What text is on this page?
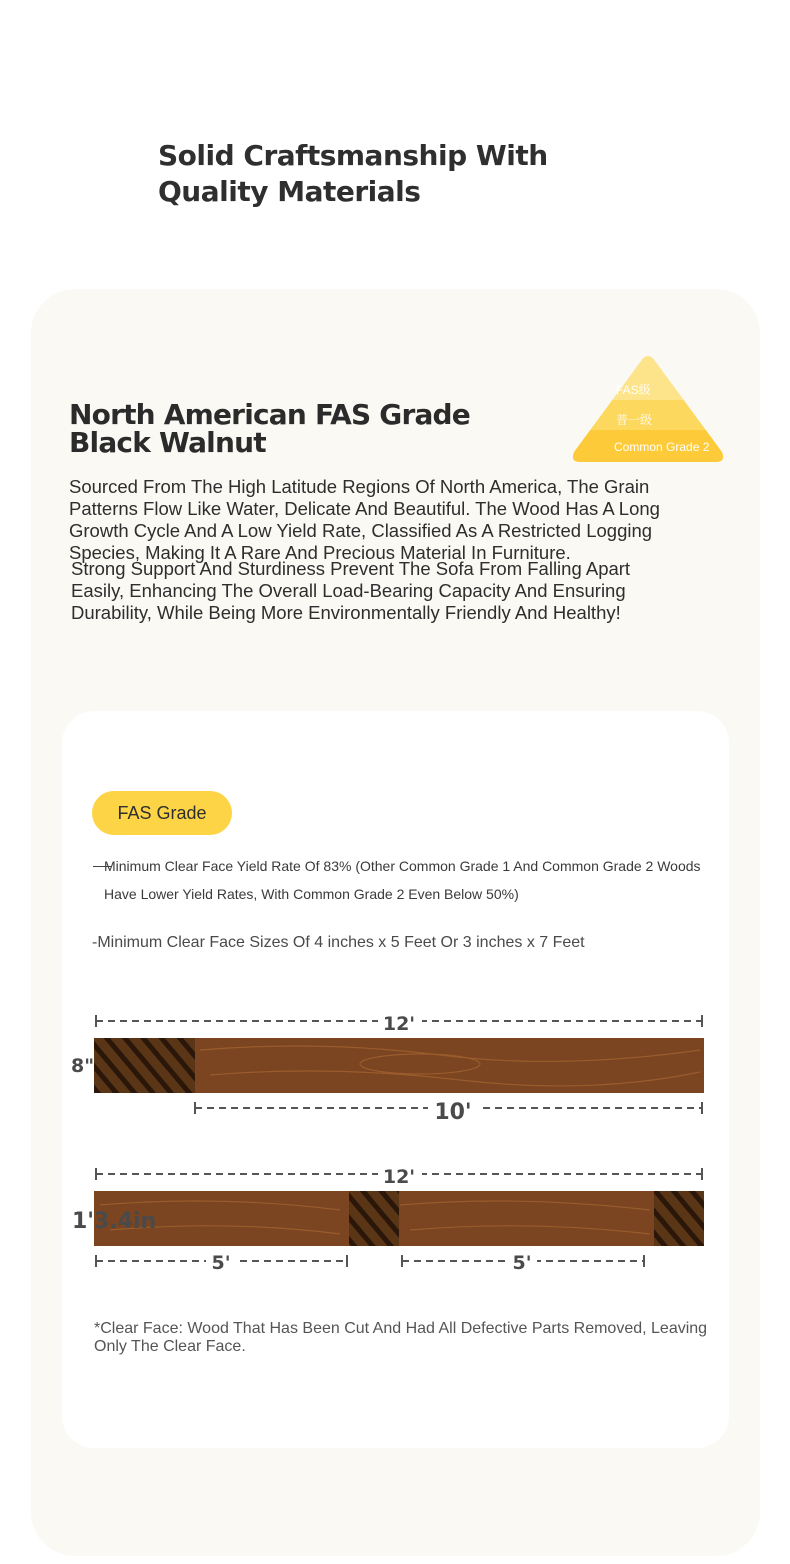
Solid Craftsmanship With Quality Materials
North American FAS Grade Black Walnut
FAS级
普一级
Common Grade 2
Sourced From The High Latitude Regions Of North America, The Grain Patterns Flow Like Water, Delicate And Beautiful. The Wood Has A Long Growth Cycle And A Low Yield Rate, Classified As A Restricted Logging Species, Making It A Rare And Precious Material In Furniture.
Strong Support And Sturdiness Prevent The Sofa From Falling Apart Easily, Enhancing The Overall Load-Bearing Capacity And Ensuring Durability, While Being More Environmentally Friendly And Healthy!
FAS Grade
Minimum Clear Face Yield Rate Of 83% (Other Common Grade 1 And Common Grade 2 Woods Have Lower Yield Rates, With Common Grade 2 Even Below 50%)
-Minimum Clear Face Sizes Of 4 inches x 5 Feet Or 3 inches x 7 Feet
12'
8"
10'
12'
1'3.4in
5'	5'
*Clear Face: Wood That Has Been Cut And Had All Defective Parts Removed, Leaving Only The Clear Face.
